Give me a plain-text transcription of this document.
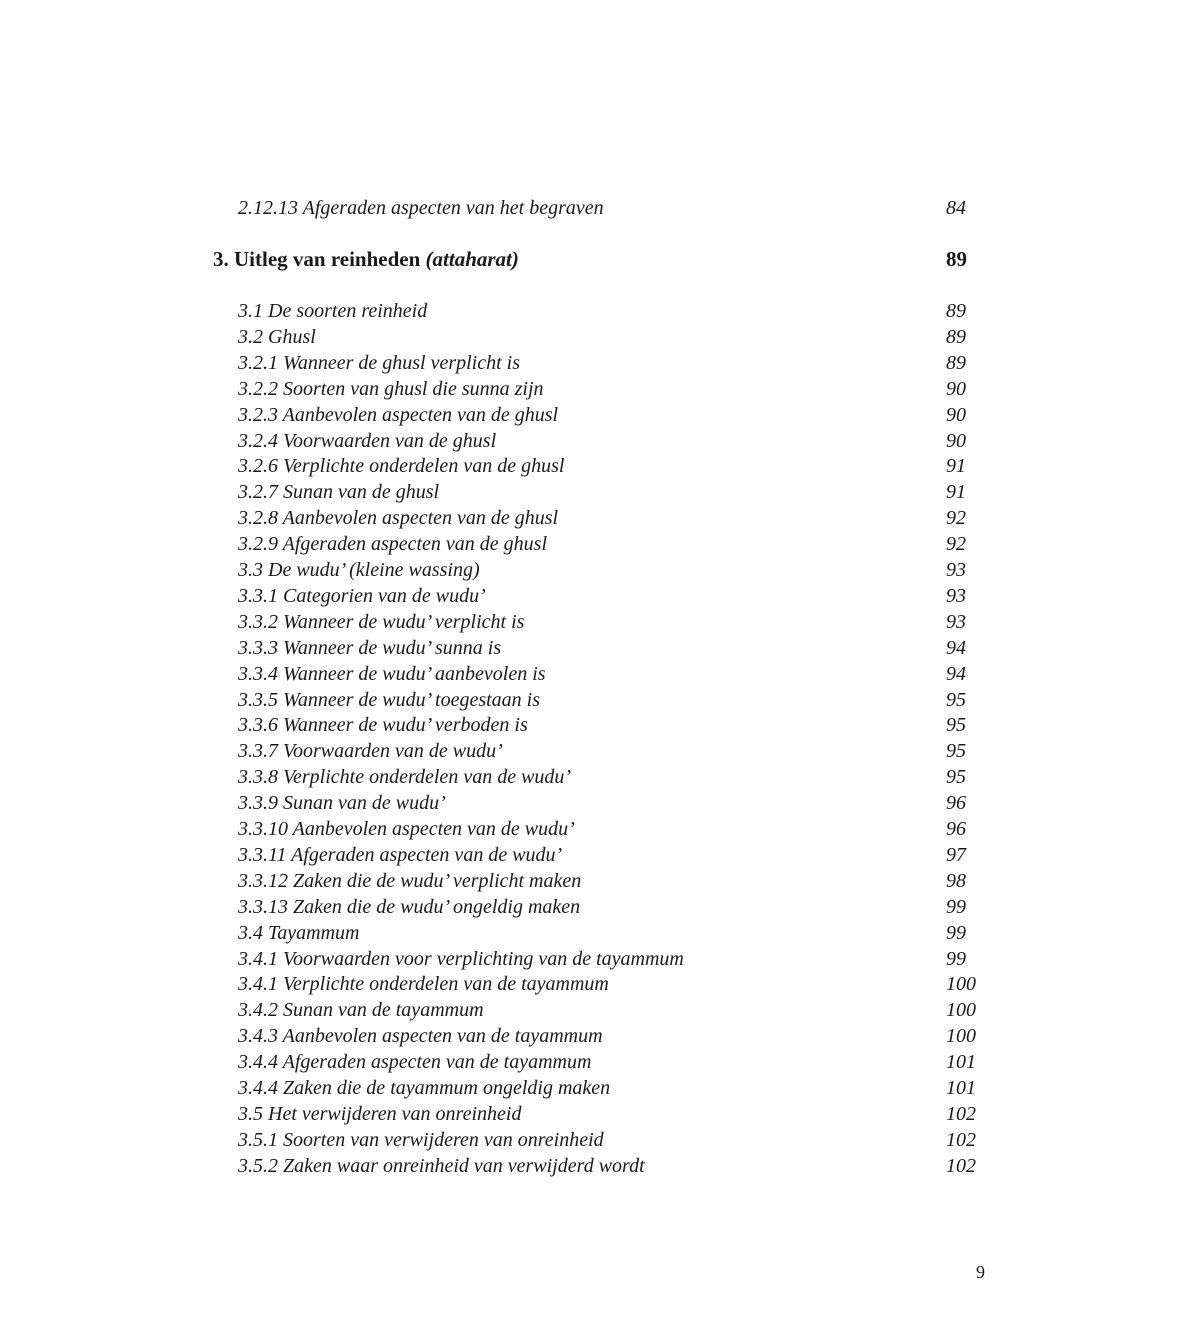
2.12.13 Afgeraden aspecten van het begraven	84
3. Uitleg van reinheden (attaharat)	89
3.1 De soorten reinheid	89
3.2 Ghusl	89
3.2.1 Wanneer de ghusl verplicht is	89
3.2.2 Soorten van ghusl die sunna zijn	90
3.2.3 Aanbevolen aspecten van de ghusl	90
3.2.4 Voorwaarden van de ghusl	90
3.2.6 Verplichte onderdelen van de ghusl	91
3.2.7 Sunan van de ghusl	91
3.2.8 Aanbevolen aspecten van de ghusl	92
3.2.9 Afgeraden aspecten van de ghusl	92
3.3 De wudu’ (kleine wassing)	93
3.3.1 Categorien van de wudu’	93
3.3.2 Wanneer de wudu’ verplicht is	93
3.3.3 Wanneer de wudu’ sunna is	94
3.3.4 Wanneer de wudu’ aanbevolen is	94
3.3.5 Wanneer de wudu’ toegestaan is	95
3.3.6 Wanneer de wudu’ verboden is	95
3.3.7 Voorwaarden van de wudu’	95
3.3.8 Verplichte onderdelen van de wudu’	95
3.3.9 Sunan van de wudu’	96
3.3.10 Aanbevolen aspecten van de wudu’	96
3.3.11 Afgeraden aspecten van de wudu’	97
3.3.12 Zaken die de wudu’ verplicht maken	98
3.3.13 Zaken die de wudu’ ongeldig maken	99
3.4 Tayammum	99
3.4.1 Voorwaarden voor verplichting van de tayammum	99
3.4.1 Verplichte onderdelen van de tayammum	100
3.4.2 Sunan van de tayammum	100
3.4.3 Aanbevolen aspecten van de tayammum	100
3.4.4 Afgeraden aspecten van de tayammum	101
3.4.4 Zaken die de tayammum ongeldig maken	101
3.5 Het verwijderen van onreinheid	102
3.5.1 Soorten van verwijderen van onreinheid	102
3.5.2 Zaken waar onreinheid van verwijderd wordt	102
9
